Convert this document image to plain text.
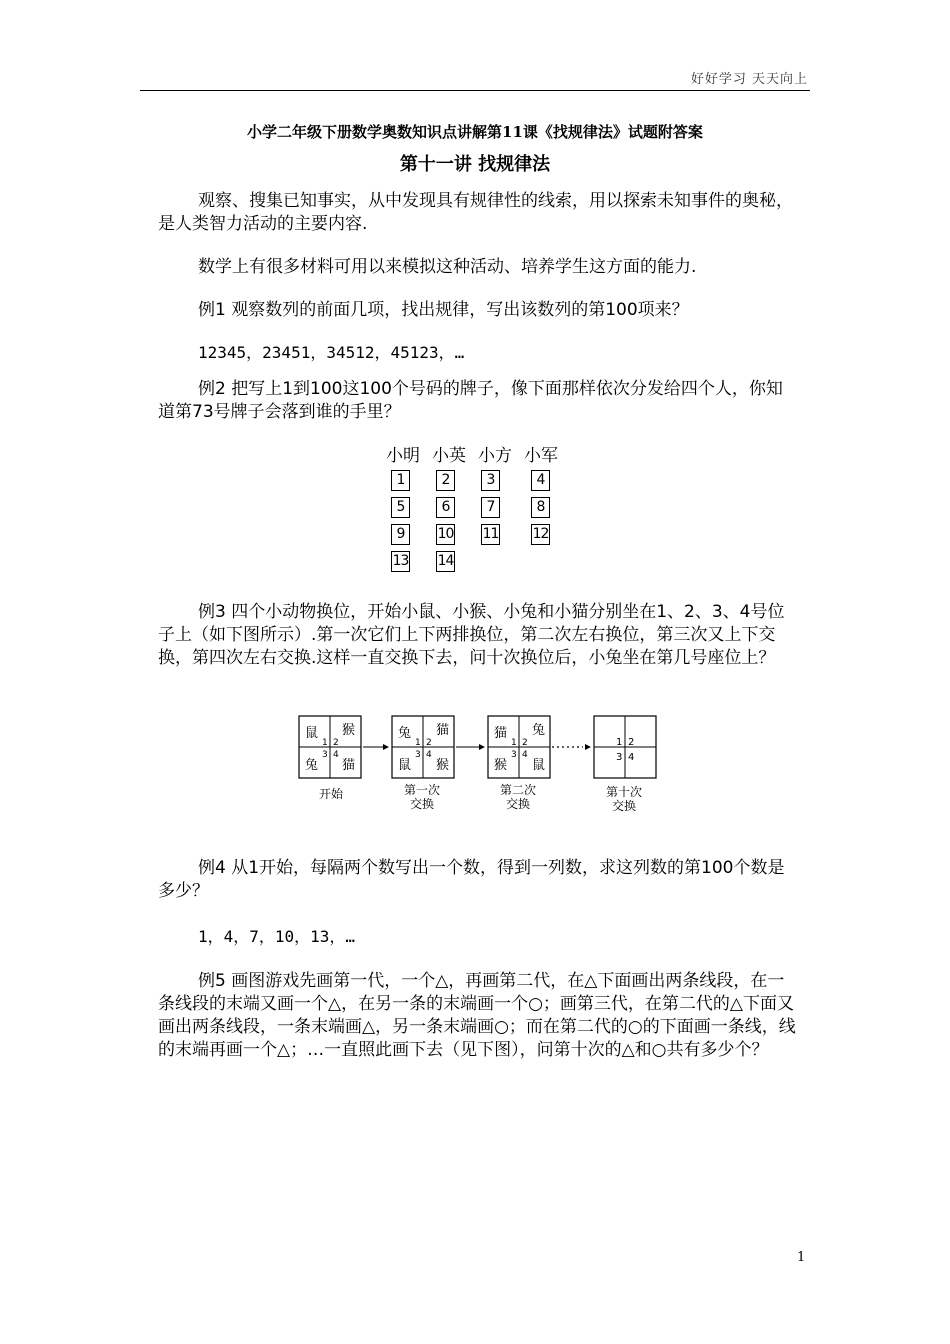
好好学习 天天向上
小学二年级下册数学奥数知识点讲解第11课《找规律法》试题附答案
第十一讲 找规律法
观察、搜集已知事实，从中发现具有规律性的线索，用以探索未知事件的奥秘，是人类智力活动的主要内容.
数学上有很多材料可用以来模拟这种活动、培养学生这方面的能力.
例1 观察数列的前面几项，找出规律，写出该数列的第100项来？
12345，23451，34512，45123，…
例2 把写上1到100这100个号码的牌子，像下面那样依次分发给四个人，你知道第73号牌子会落到谁的手里？
小明 小英 小方 小军
1	2	3	4
5	6	7	8
9	10 11 12
13 14
例3 四个小动物换位，开始小鼠、小猴、小兔和小猫分别坐在1、2、3、4号位子上（如下图所示）.第一次它们上下两排换位，第二次左右换位，第三次又上下交换，第四次左右交换.这样一直交换下去，问十次换位后，小兔坐在第几号座位上？
鼠 猴
兔 猫
1 2
3 4
开始
兔 猫
鼠 猴
1 2
3 4
第一次
交换
猫 兔
猴 鼠
1 2
3 4
第二次
交换
1 2
3 4
第十次
交换
例4 从1开始，每隔两个数写出一个数，得到一列数，求这列数的第100个数是多少？
1，4，7，10，13，…
例5 画图游戏先画第一代，一个△，再画第二代，在△下面画出两条线段，在一条线段的末端又画一个△，在另一条的末端画一个○；画第三代，在第二代的△下面又画出两条线段，一条末端画△，另一条末端画○；而在第二代的○的下面画一条线，线的末端再画一个△；…一直照此画下去（见下图），问第十次的△和○共有多少个？
1
